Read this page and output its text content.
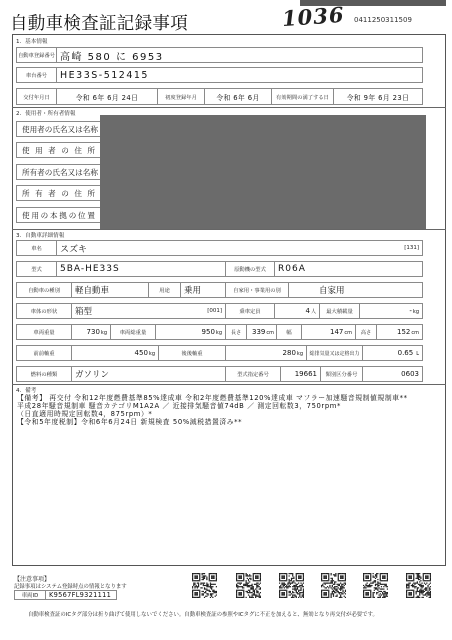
自動車検査証記録事項	1036 0411250311509
1．基本情報
自動車登録番号 高崎 580 に 6953
車台番号	HE33S-512415
交付年月日	令和 6年 6月 24日	初度登録年月	令和 6年 6月	有効期間の満了する日	令和 9年 6月 23日
2．使用者・所有者情報
使用者の氏名又は名称
使用者の住所
所有者の氏名又は名称
所有者の住所
使用の本拠の位置
3．自動車詳細情報
車名	スズキ	[131]
型式	5BA-HE33S	原動機の型式	R06A
自動車の種別	軽自動車	用途	乗用	自家用・事業用の別	自家用
車体の形状	箱型	[001]	乗車定員	4 人	最大積載量	- kg
車両重量	730 kg	車両総重量	950 kg	長さ	339 cm	幅	147 cm	高さ	152 cm
前前軸重	450 kg	後後軸重	280 kg	総排気量又は定格出力	0.65 L
燃料の種類	ガソリン	型式指定番号	19661	類別区分番号	0603
4．備考
【備考】 再交付 令和12年度燃費基準85%達成車 令和2年度燃費基準120%達成車 マフラー加速騒音規制値規制車**
平成28年騒音規制車 騒音カテゴリM1A2A ／ 近接排気騒音値74dB ／ 測定回転数3，750rpm*
（日直適用時規定回転数4，875rpm）*
【令和5年度税制】令和6年6月24日 新規検査 50%減税措置済み**
【注意事項】
記録事項はシステム登録時点の情報となります
車両ID	K9567FL9321111
自動車検査証のICタグ部分は折り曲げて使用しないでください。自動車検査証の参照やICタグに不正を加えると、無効となり再交付が必要です。
